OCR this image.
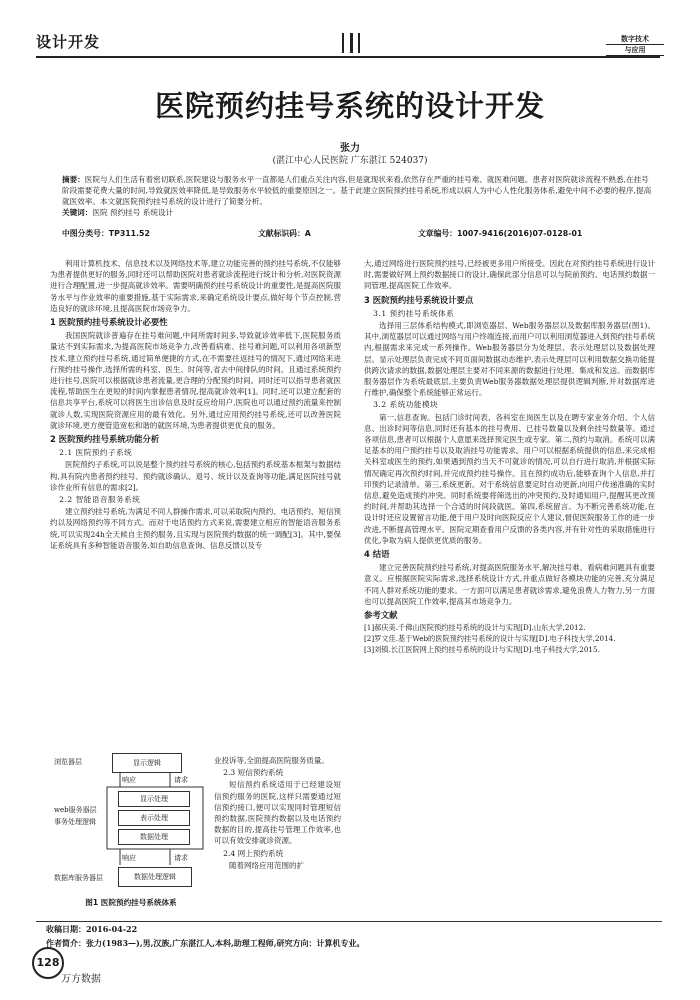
设计开发	数字技术
与应用
医院预约挂号系统的设计开发
张力
(湛江中心人民医院 广东湛江 524037)
摘要：医院与人们生活有着密切联系,医院建设与服务水平一直都是人们重点关注内容,但是就现状来看,依然存在严重的挂号难、就医难问题。患者对医院就诊流程不熟悉,在挂号阶段需要花费大量的时间,导致就医效率降低,是导致服务水平较低的重要原因之一。基于此建立医院预约挂号系统,形成以病人为中心人性化服务体系,避免中间不必要的程序,提高就医效率。本文就医院预约挂号系统的设计进行了简要分析。
关键词：医院 预约挂号 系统设计
中图分类号：TP311.52	文献标识码：A	文章编号：1007-9416(2016)07-0128-01

利用计算机技术、信息技术以及网络技术等,建立功能完善的预约挂号系统,不仅能够为患者提供更好的服务,同时还可以帮助医院对患者就诊流程进行统计和分析,对医院资源进行合理配置,进一步提高就诊效率。需要明确预约挂号系统设计的重要性,是提高医院服务水平与作业效率的重要措施,基于实际需求,来确定系统设计要点,做好每个节点控制,营造良好的就诊环境,且提高医院市场竞争力。

1 医院预约挂号系统设计必要性

我国医院就诊普遍存在挂号难问题,中间所需时间多,导致就诊效率低下,医院服务质量达不到实际需求,为提高医院市场竞争力,改善看病难、挂号难问题,可以利用各项新型技术,建立预约挂号系统,通过简单便捷的方式,在不需要往返挂号的情况下,通过网络来进行预约挂号操作,选择所需的科室、医生、时间等,省去中间排队的时间。且通过系统预约进行挂号,医院可以根据就诊患者流量,更合理的分配预约时间。同时还可以指导患者就医流程,帮助医生在更短的时间内掌握患者情况,提高就诊效率[1]。同时,还可以建立配套的信息共享平台,系统可以将医生出诊信息及时反应给用户,医院也可以通过预约流量来控制就诊人数,实现医院资源应用的最有效化。另外,通过应用预约挂号系统,还可以改善医院就诊环境,更方便管造宽松和谐的就医环境,为患者提供更优良的服务。

2 医院预约挂号系统功能分析
2.1 医院预约子系统

医院预约子系统,可以说是整个预约挂号系统的核心,包括预约系统基本框架与数据结构,具有院内患者预约挂号、预约就诊确认、退号、统计以及查询等功能,满足医院挂号就诊作业所有信息的需求[2]。

2.2 智能语音服务系统

建立预约挂号系统,为满足不同人群操作需求,可以采取院内预约、电话预约、短信预约以及网络预约等不同方式。而对于电话预约方式来说,需要建立相应的智能语音服务系统,可以实现24h全天候自主预约服务,且实现与医院预约数据的统一调配[3]。其中,要保证系统具有多种智能语音服务,如自助信息查询、信息反馈以及专

业投诉等,全面提高医院服务质量。

2.3 短信预约系统

短信预约系统适用于已经建设短信预约服务的医院,这样只需要通过短信预约接口,便可以实现同时管理短信预约数据,医院预约数据以及电话预约数据的目的,提高挂号管理工作效率,也可以有效安排就诊资源。

2.4 网上预约系统

随着网络应用范围的扩

浏览器层	显示逻辑
响应	请求
web服务器层
事务处理逻辑
显示处理
表示处理
数据处理
响应	请求
数据库服务器层	数据处理逻辑
图1 医院预约挂号系统体系

大,通过网络进行医院预约挂号,已经被更多用户所接受。因此在对预约挂号系统进行设计时,需要做好网上预约数据接口的设计,确保此部分信息可以与院前预约、电话预约数据一同管理,提高医院工作效率。

3 医院预约挂号系统设计要点
3.1 预约挂号系统体系

选择用三层体系结构模式,即浏览器层、Web服务器层以及数据库服务器层(图1)。其中,浏览器层可以通过网络与用户终端连接,而用户可以利用浏览器进入到预约挂号系统内,根据需求来完成一系列操作。Web服务器层分为处理层、表示处理层以及数据处理层。显示处理层负责完成不同页面间数据动态维护,表示处理层可以利用数据交换功能提供跨次请求的数据,数据处理层主要对不同来源的数据进行处理、集成和发送。而数据库服务器层作为系统最底层,主要负责Web服务器数据处理层提供逻辑判断,并对数据库进行维护,确保整个系统能够正常运行。

3.2 系统功能模块

第一,信息查询。包括门诊时间表、各科室在岗医生以及在聘专家业务介绍、个人信息、出诊时间等信息,同时还有基本的挂号费用、已挂号数量以及剩余挂号数量等。通过各项信息,患者可以根据个人意愿来选择预定医生或专家。第二,预约与取消。系统可以满足基本的用户预约挂号以及取消挂号功能需求。用户可以根据系统提供的信息,来完成相关科室或医生的预约,如果遇到预约当天不可就诊的情况,可以自行进行取消,并根据实际情况确定再次预约时间,并完成预约挂号操作。且在预约成功后,能够查询个人信息,并打印预约记录清单。第三,系统更新。对于系统信息要定时自动更新,向用户传递准确的实时信息,避免造成预约冲突。同时系统要将筛选出的冲突预约,及时通知用户,提醒其更改预约时间,并帮助其选择一个合适的时间段就医。第四,系统留言。为不断完善系统功能,在设计时还应设置留言功能,便于用户及时向医院反应个人建议,督促医院服务工作的进一步改进,不断提高管理水平。医院定期查看用户反馈的各类内容,并有针对性的采取措施进行优化,争取为病人提供更优质的服务。

4 结语

建立完善医院预约挂号系统,对提高医院服务水平,解决挂号难、看病难问题具有重要意义。应根据医院实际需求,选择系统设计方式,并重点做好各模块功能的完善,充分满足不同人群对系统功能的要求。一方面可以满足患者就诊需求,避免浪费人力物力,另一方面也可以提高医院工作效率,提高其市场竞争力。

参考文献

[1]郝庆美.千佛山医院预约挂号系统的设计与实现[D].山东大学,2012.

[2]罗文佳.基于Web的医院预约挂号系统的设计与实现[D].电子科技大学,2014.

[3]刘镇.长江医院网上预约挂号系统的设计与实现[D].电子科技大学,2015.

收稿日期：2016-04-22
作者简介：张力(1983—),男,汉族,广东湛江人,本科,助理工程师,研究方向：计算机专业。
128
万方数据
